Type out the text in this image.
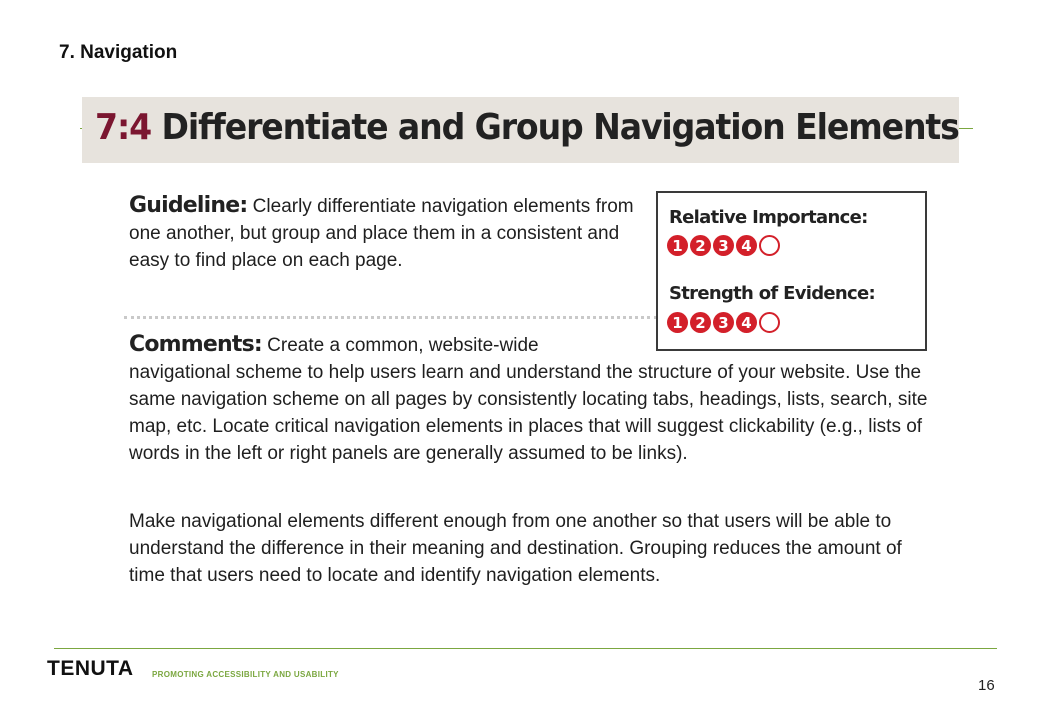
7. Navigation
7:4 Differentiate and Group Navigation Elements
Guideline: Clearly differentiate navigation elements from one another, but group and place them in a consistent and easy to find place on each page.
Comments: Create a common, website-wide
navigational scheme to help users learn and understand the structure of your website. Use the same navigation scheme on all pages by consistently locating tabs, headings, lists, search, site map, etc. Locate critical navigation elements in places that will suggest clickability (e.g., lists of words in the left or right panels are generally assumed to be links).
Make navigational elements different enough from one another so that users will be able to understand the difference in their meaning and destination. Grouping reduces the amount of time that users need to locate and identify navigation elements.
Relative Importance:
1 2 3 4
Strength of Evidence:
1 2 3 4
TENUTA PROMOTING ACCESSIBILITY AND USABILITY
16
